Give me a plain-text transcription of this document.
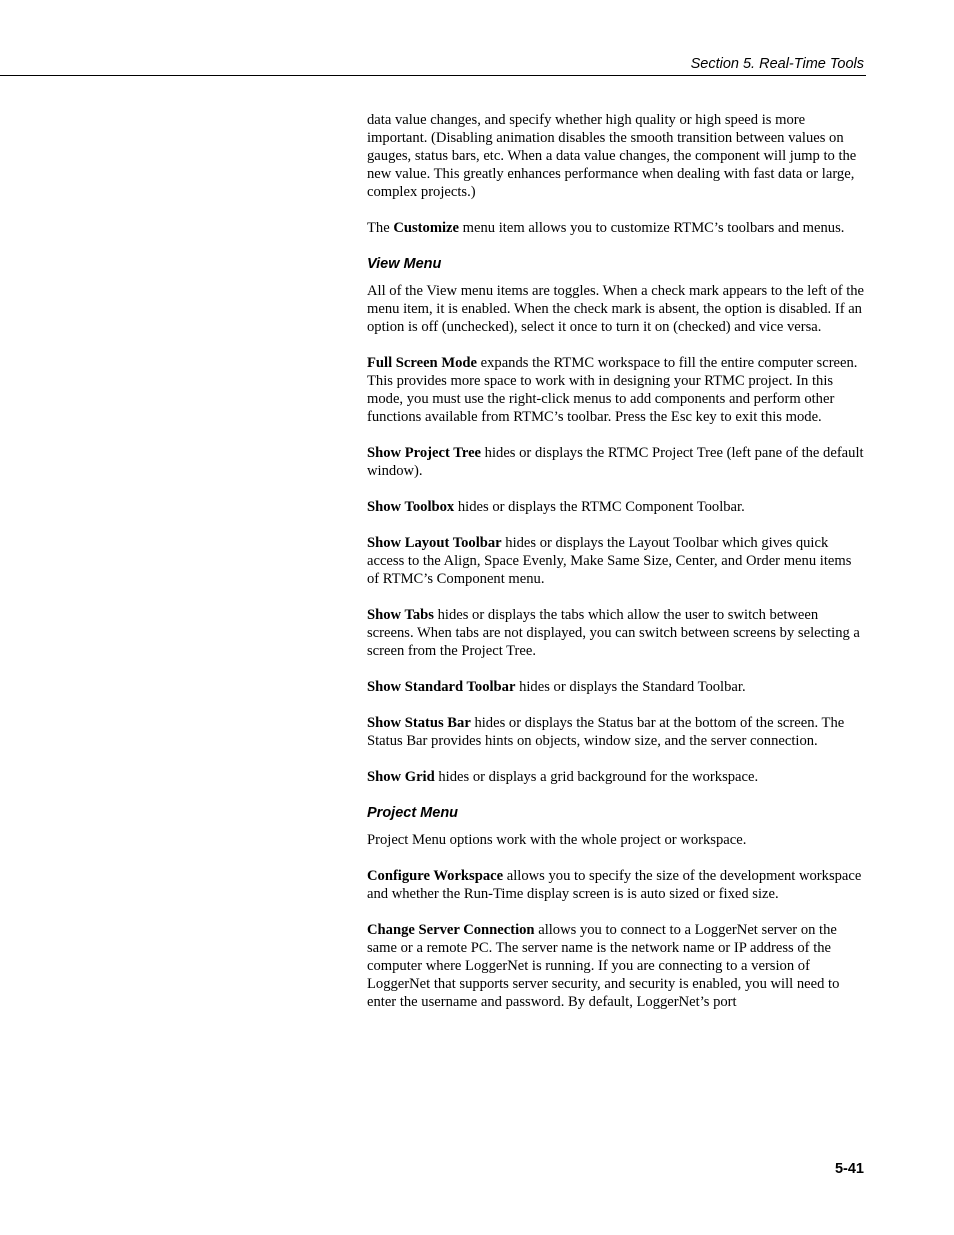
Section 5. Real-Time Tools

data value changes, and specify whether high quality or high speed is more important. (Disabling animation disables the smooth transition between values on gauges, status bars, etc. When a data value changes, the component will jump to the new value. This greatly enhances performance when dealing with fast data or large, complex projects.)

The Customize menu item allows you to customize RTMC’s toolbars and menus.

View Menu

All of the View menu items are toggles. When a check mark appears to the left of the menu item, it is enabled. When the check mark is absent, the option is disabled. If an option is off (unchecked), select it once to turn it on (checked) and vice versa.

Full Screen Mode expands the RTMC workspace to fill the entire computer screen. This provides more space to work with in designing your RTMC project. In this mode, you must use the right-click menus to add components and perform other functions available from RTMC’s toolbar. Press the Esc key to exit this mode.

Show Project Tree hides or displays the RTMC Project Tree (left pane of the default window).

Show Toolbox hides or displays the RTMC Component Toolbar.

Show Layout Toolbar hides or displays the Layout Toolbar which gives quick access to the Align, Space Evenly, Make Same Size, Center, and Order menu items of RTMC’s Component menu.

Show Tabs hides or displays the tabs which allow the user to switch between screens. When tabs are not displayed, you can switch between screens by selecting a screen from the Project Tree.

Show Standard Toolbar hides or displays the Standard Toolbar.

Show Status Bar hides or displays the Status bar at the bottom of the screen. The Status Bar provides hints on objects, window size, and the server connection.

Show Grid hides or displays a grid background for the workspace.

Project Menu

Project Menu options work with the whole project or workspace.

Configure Workspace allows you to specify the size of the development workspace and whether the Run-Time display screen is is auto sized or fixed size.

Change Server Connection allows you to connect to a LoggerNet server on the same or a remote PC. The server name is the network name or IP address of the computer where LoggerNet is running. If you are connecting to a version of LoggerNet that supports server security, and security is enabled, you will need to enter the username and password. By default, LoggerNet’s port

5-41
